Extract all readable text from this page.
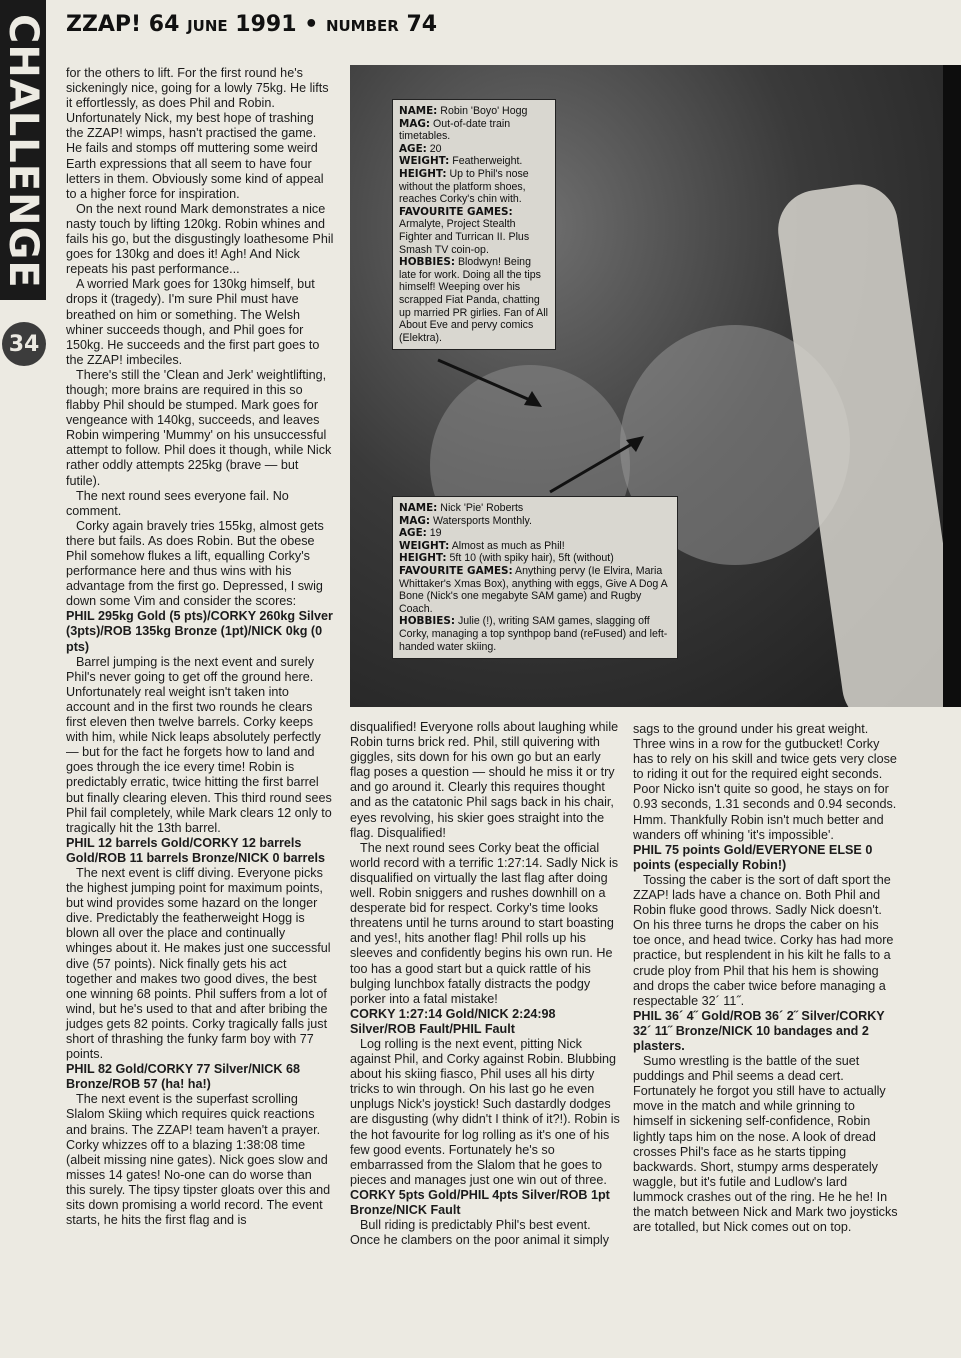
CHALLENGE
34
ZZAP! 64 JUNE 1991 • NUMBER 74

for the others to lift. For the first round he's sickeningly nice, going for a lowly 75kg. He lifts it effortlessly, as does Phil and Robin. Unfortunately Nick, my best hope of trashing the ZZAP! wimps, hasn't practised the game. He fails and stomps off muttering some weird Earth expressions that all seem to have four letters in them. Obviously some kind of appeal to a higher force for inspiration.

On the next round Mark demonstrates a nice nasty touch by lifting 120kg. Robin whines and fails his go, but the disgustingly loathesome Phil goes for 130kg and does it! Agh! And Nick repeats his past performance...

A worried Mark goes for 130kg himself, but drops it (tragedy). I'm sure Phil must have breathed on him or something. The Welsh whiner succeeds though, and Phil goes for 150kg. He succeeds and the first part goes to the ZZAP! imbeciles.

There's still the 'Clean and Jerk' weightlifting, though; more brains are required in this so flabby Phil should be stumped. Mark goes for vengeance with 140kg, succeeds, and leaves Robin wimpering 'Mummy' on his unsuccessful attempt to follow. Phil does it though, while Nick rather oddly attempts 225kg (brave — but futile).

The next round sees everyone fail. No comment.

Corky again bravely tries 155kg, almost gets there but fails. As does Robin. But the obese Phil somehow flukes a lift, equalling Corky's performance here and thus wins with his advantage from the first go. Depressed, I swig down some Vim and consider the scores:

PHIL 295kg Gold (5 pts)/CORKY 260kg Silver (3pts)/ROB 135kg Bronze (1pt)/NICK 0kg (0 pts)

Barrel jumping is the next event and surely Phil's never going to get off the ground here. Unfortunately real weight isn't taken into account and in the first two rounds he clears first eleven then twelve barrels. Corky keeps with him, while Nick leaps absolutely perfectly — but for the fact he forgets how to land and goes through the ice every time! Robin is predictably erratic, twice hitting the first barrel but finally clearing eleven. This third round sees Phil fail completely, while Mark clears 12 only to tragically hit the 13th barrel.

PHIL 12 barrels Gold/CORKY 12 barrels Gold/ROB 11 barrels Bronze/NICK 0 barrels

The next event is cliff diving. Everyone picks the highest jumping point for maximum points, but wind provides some hazard on the longer dive. Predictably the featherweight Hogg is blown all over the place and continually whinges about it. He makes just one successful dive (57 points). Nick finally gets his act together and makes two good dives, the best one winning 68 points. Phil suffers from a lot of wind, but he's used to that and after bribing the judges gets 82 points. Corky tragically falls just short of thrashing the funky farm boy with 77 points.

PHIL 82 Gold/CORKY 77 Silver/NICK 68 Bronze/ROB 57 (ha! ha!)

The next event is the superfast scrolling Slalom Skiing which requires quick reactions and brains. The ZZAP! team haven't a prayer. Corky whizzes off to a blazing 1:38:08 time (albeit missing nine gates). Nick goes slow and misses 14 gates! No-one can do worse than this surely. The tipsy tipster gloats over this and sits down promising a world record. The event starts, he hits the first flag and is

NAME: Robin 'Boyo' Hogg
MAG: Out-of-date train timetables.
AGE: 20
WEIGHT: Featherweight.
HEIGHT: Up to Phil's nose without the platform shoes, reaches Corky's chin with.
FAVOURITE GAMES: Armalyte, Project Stealth Fighter and Turrican II. Plus Smash TV coin-op.
HOBBIES: Blodwyn! Being late for work. Doing all the tips himself! Weeping over his scrapped Fiat Panda, chatting up married PR girlies. Fan of All About Eve and pervy comics (Elektra).
NAME: Nick 'Pie' Roberts
MAG: Watersports Monthly.
AGE: 19
WEIGHT: Almost as much as Phil!
HEIGHT: 5ft 10 (with spiky hair), 5ft (without)
FAVOURITE GAMES: Anything pervy (Ie Elvira, Maria Whittaker's Xmas Box), anything with eggs, Give A Dog A Bone (Nick's one megabyte SAM game) and Rugby Coach.
HOBBIES: Julie (!), writing SAM games, slagging off Corky, managing a top synthpop band (reFused) and left-handed water skiing.

disqualified! Everyone rolls about laughing while Robin turns brick red. Phil, still quivering with giggles, sits down for his own go but an early flag poses a question — should he miss it or try and go around it. Clearly this requires thought and as the catatonic Phil sags back in his chair, eyes revolving, his skier goes straight into the flag. Disqualified!

The next round sees Corky beat the official world record with a terrific 1:27:14. Sadly Nick is disqualified on virtually the last flag after doing well. Robin sniggers and rushes downhill on a desperate bid for respect. Corky's time looks threatens until he turns around to start boasting and yes!, hits another flag! Phil rolls up his sleeves and confidently begins his own run. He too has a good start but a quick rattle of his bulging lunchbox fatally distracts the podgy porker into a fatal mistake!

CORKY 1:27:14 Gold/NICK 2:24:98 Silver/ROB Fault/PHIL Fault

Log rolling is the next event, pitting Nick against Phil, and Corky against Robin. Blubbing about his skiing fiasco, Phil uses all his dirty tricks to win through. On his last go he even unplugs Nick's joystick! Such dastardly dodges are disgusting (why didn't I think of it?!). Robin is the hot favourite for log rolling as it's one of his few good events. Fortunately he's so embarrassed from the Slalom that he goes to pieces and manages just one win out of three.

CORKY 5pts Gold/PHIL 4pts Silver/ROB 1pt Bronze/NICK Fault

Bull riding is predictably Phil's best event. Once he clambers on the poor animal it simply

sags to the ground under his great weight. Three wins in a row for the gutbucket! Corky has to rely on his skill and twice gets very close to riding it out for the required eight seconds. Poor Nicko isn't quite so good, he stays on for 0.93 seconds, 1.31 seconds and 0.94 seconds. Hmm. Thankfully Robin isn't much better and wanders off whining 'it's impossible'.

PHIL 75 points Gold/EVERYONE ELSE 0 points (especially Robin!)

Tossing the caber is the sort of daft sport the ZZAP! lads have a chance on. Both Phil and Robin fluke good throws. Sadly Nick doesn't. On his three turns he drops the caber on his toe once, and head twice. Corky has had more practice, but resplendent in his kilt he falls to a crude ploy from Phil that his hem is showing and drops the caber twice before managing a respectable 32´ 11˝.

PHIL 36´ 4˝ Gold/ROB 36´ 2˝ Silver/CORKY 32´ 11˝ Bronze/NICK 10 bandages and 2 plasters.

Sumo wrestling is the battle of the suet puddings and Phil seems a dead cert. Fortunately he forgot you still have to actually move in the match and while grinning to himself in sickening self-confidence, Robin lightly taps him on the nose. A look of dread crosses Phil's face as he starts tipping backwards. Short, stumpy arms desperately waggle, but it's futile and Ludlow's lard lummock crashes out of the ring. He he he! In the match between Nick and Mark two joysticks are totalled, but Nick comes out on top.
